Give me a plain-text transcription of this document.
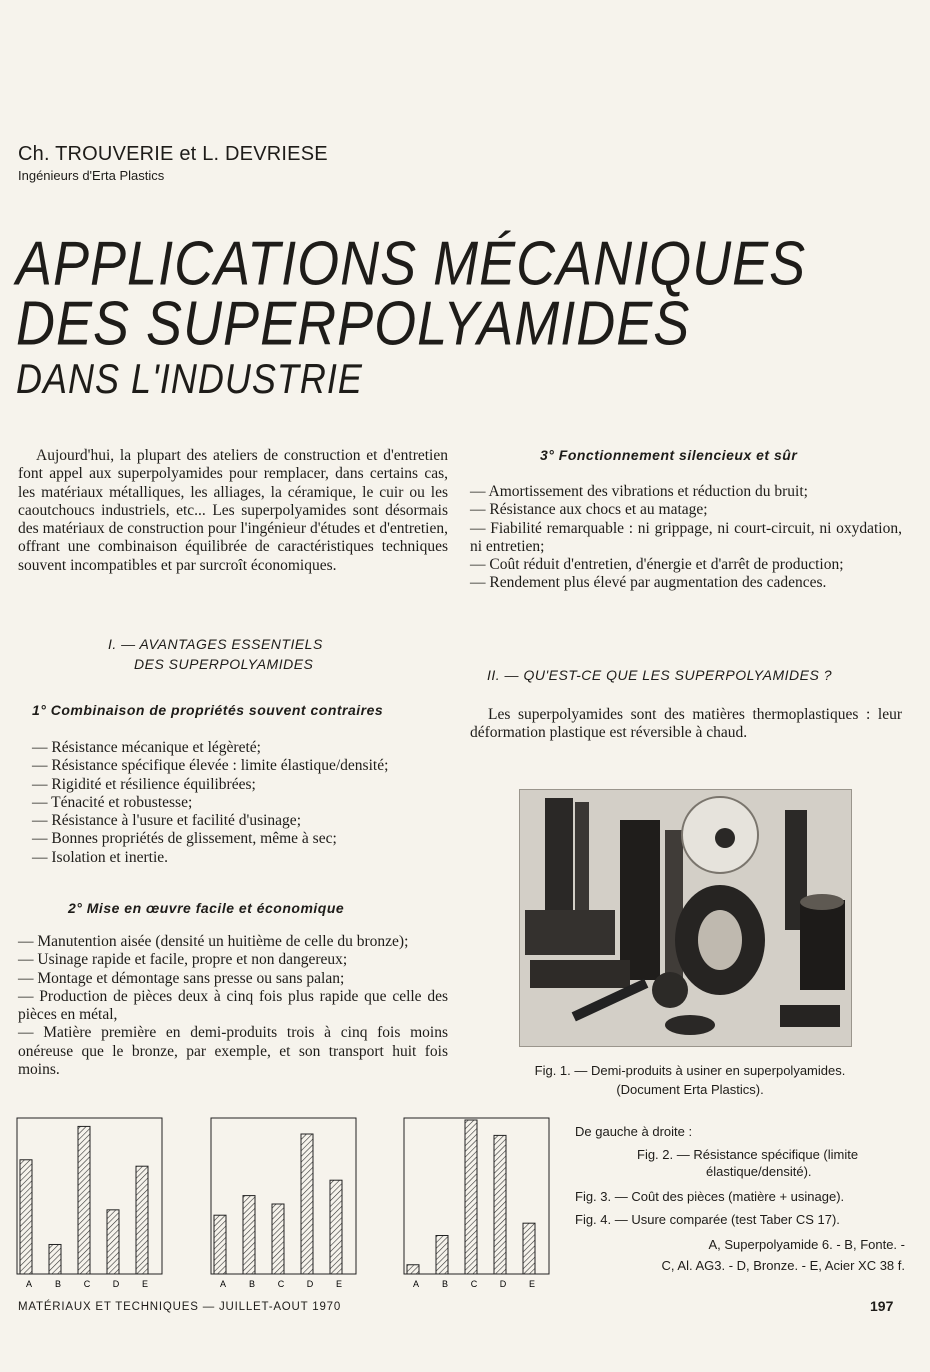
Ch. TROUVERIE et L. DEVRIESE
Ingénieurs d'Erta Plastics
APPLICATIONS MÉCANIQUES
DES SUPERPOLYAMIDES
DANS L'INDUSTRIE

Aujourd'hui, la plupart des ateliers de construction et d'entretien font appel aux superpolyamides pour remplacer, dans certains cas, les matériaux métalliques, les alliages, la céramique, le cuir ou les caoutchoucs industriels, etc... Les superpolyamides sont désormais des matériaux de construction pour l'ingénieur d'études et d'entretien, offrant une combinaison équilibrée de caractéristiques techniques souvent incompatibles et par surcroît économiques.

I. — AVANTAGES ESSENTIELS
DES SUPERPOLYAMIDES
1° Combinaison de propriétés souvent contraires
— Résistance mécanique et légèreté;
— Résistance spécifique élevée : limite élastique/densité;
— Rigidité et résilience équilibrées;
— Ténacité et robustesse;
— Résistance à l'usure et facilité d'usinage;
— Bonnes propriétés de glissement, même à sec;
— Isolation et inertie.
2° Mise en œuvre facile et économique
— Manutention aisée (densité un huitième de celle du bronze);
— Usinage rapide et facile, propre et non dangereux;
— Montage et démontage sans presse ou sans palan;
— Production de pièces deux à cinq fois plus rapide que celle des pièces en métal,
— Matière première en demi-produits trois à cinq fois moins onéreuse que le bronze, par exemple, et son transport huit fois moins.
3° Fonctionnement silencieux et sûr
— Amortissement des vibrations et réduction du bruit;
— Résistance aux chocs et au matage;
— Fiabilité remarquable : ni grippage, ni court-circuit, ni oxydation, ni entretien;
— Coût réduit d'entretien, d'énergie et d'arrêt de production;
— Rendement plus élevé par augmentation des cadences.
II. — QU'EST-CE QUE LES SUPERPOLYAMIDES ?

Les superpolyamides sont des matières thermoplastiques : leur déformation plastique est réversible à chaud.

Fig. 1. — Demi-produits à usiner en superpolyamides.
(Document Erta Plastics).
A	B	C	D	E	A	B	C	D	E	A	B	C	D	E
De gauche à droite :
Fig. 2. — Résistance spécifique (limite
élastique/densité).
Fig. 3. — Coût des pièces (matière + usinage).
Fig. 4. — Usure comparée (test Taber CS 17).
A, Superpolyamide 6. - B, Fonte. -
C, Al. AG3. - D, Bronze. - E, Acier XC 38 f.
MATÉRIAUX ET TECHNIQUES — JUILLET-AOUT 1970	197
